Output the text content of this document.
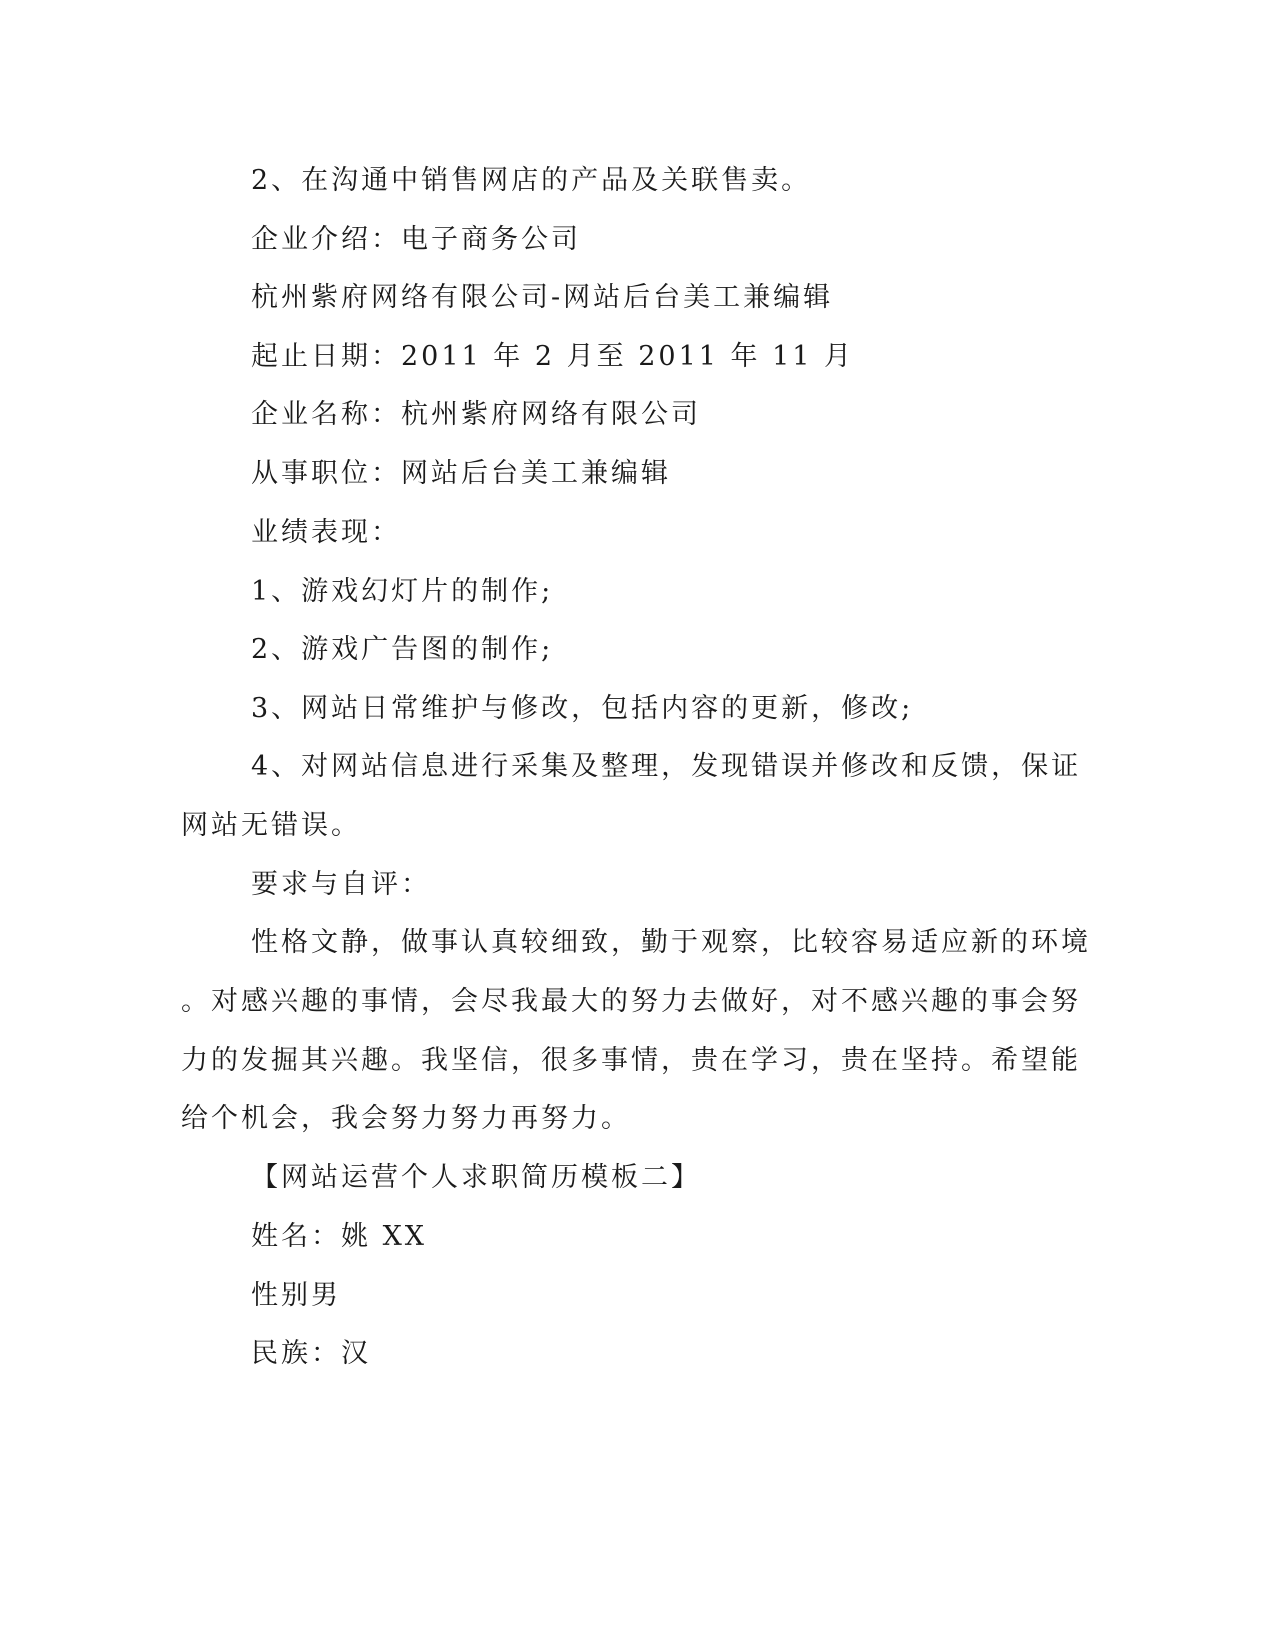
2、在沟通中销售网店的产品及关联售卖。
企业介绍：电子商务公司
杭州紫府网络有限公司-网站后台美工兼编辑
起止日期：2011 年 2 月至 2011 年 11 月
企业名称：杭州紫府网络有限公司
从事职位：网站后台美工兼编辑
业绩表现：
1、游戏幻灯片的制作;
2、游戏广告图的制作;
3、网站日常维护与修改，包括内容的更新，修改;
4、对网站信息进行采集及整理，发现错误并修改和反馈，保证
网站无错误。
要求与自评：
性格文静，做事认真较细致，勤于观察，比较容易适应新的环境
。对感兴趣的事情，会尽我最大的努力去做好，对不感兴趣的事会努
力的发掘其兴趣。我坚信，很多事情，贵在学习，贵在坚持。希望能
给个机会，我会努力努力再努力。
【网站运营个人求职简历模板二】
姓名：姚 XX
性别男
民族：汉
